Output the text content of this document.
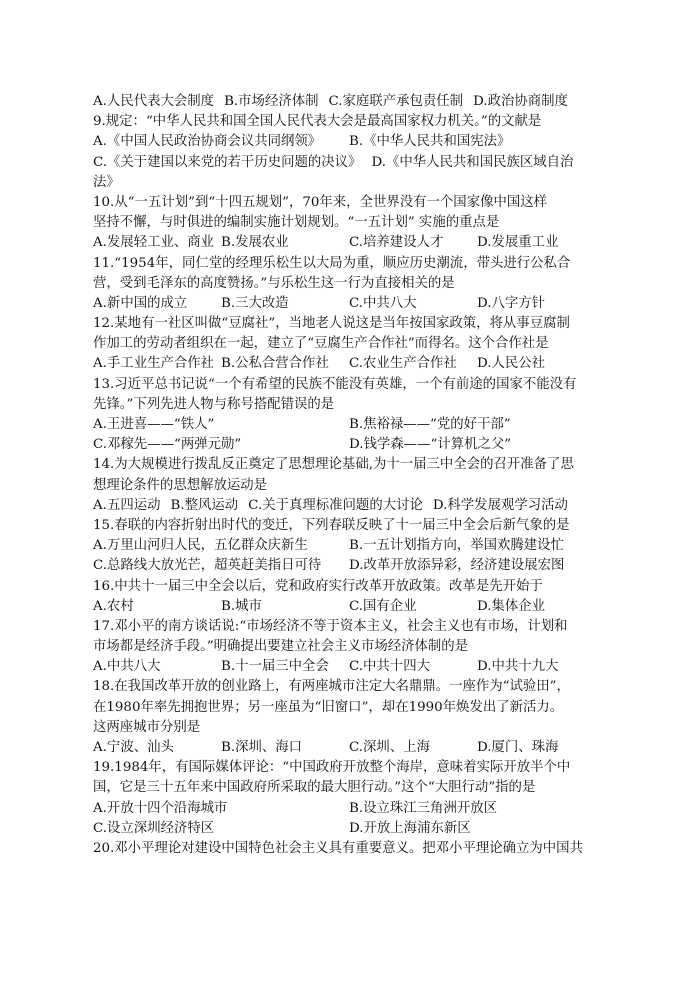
A.人民代表大会制度 B.市场经济体制 C.家庭联产承包责任制 D.政治协商制度
9.规定：“中华人民共和国全国人民代表大会是最高国家权力机关。”的文献是
A.《中国人民政治协商会议共同纲领》	B.《中华人民共和国宪法》
C.《关于建国以来党的若干历史问题的决议》 D.《中华人民共和国民族区域自治
法》
10.从“一五计划”到“十四五规划”，70年来，全世界没有一个国家像中国这样
坚持不懈，与时俱进的编制实施计划规划。“一五计划” 实施的重点是
A.发展轻工业、商业 B.发展农业	C.培养建设人才	D.发展重工业
11.“1954年，同仁堂的经理乐松生以大局为重，顺应历史潮流，带头进行公私合
营，受到毛泽东的高度赞扬。”与乐松生这一行为直接相关的是
A.新中国的成立	B.三大改造	C.中共八大	D.八字方针
12.某地有一社区叫做“豆腐社”，当地老人说这是当年按国家政策，将从事豆腐制
作加工的劳动者组织在一起，建立了“豆腐生产合作社”而得名。这个合作社是
A.手工业生产合作社 B.公私合营合作社	C.农业生产合作社	D.人民公社
13.习近平总书记说“一个有希望的民族不能没有英雄，一个有前途的国家不能没有
先锋。”下列先进人物与称号搭配错误的是
A.王进喜——“铁人”	B.焦裕禄——“党的好干部”
C.邓稼先——“两弹元勋”	D.钱学森——“计算机之父”
14.为大规模进行拨乱反正奠定了思想理论基础,为十一届三中全会的召开准备了思
想理论条件的思想解放运动是
A.五四运动 B.整风运动 C.关于真理标准问题的大讨论 D.科学发展观学习活动
15.春联的内容折射出时代的变迁，下列春联反映了十一届三中全会后新气象的是
A.万里山河归人民，五亿群众庆新生	B.一五计划指方向，举国欢腾建设忙
C.总路线大放光芒，超英赶美指日可待	D.改革开放添异彩，经济建设展宏图
16.中共十一届三中全会以后，党和政府实行改革开放政策。改革是先开始于
A.农村	B.城市	C.国有企业	D.集体企业
17.邓小平的南方谈话说:“市场经济不等于资本主义，社会主义也有市场，计划和
市场都是经济手段。”明确提出要建立社会主义市场经济体制的是
A.中共八大	B.十一届三中全会	C.中共十四大	D.中共十九大
18.在我国改革开放的创业路上，有两座城市注定大名鼎鼎。一座作为“试验田”，
在1980年率先拥抱世界；另一座虽为“旧窗口”，却在1990年焕发出了新活力。
这两座城市分别是
A.宁波、汕头	B.深圳、海口	C.深圳、上海	D.厦门、珠海
19.1984年，有国际媒体评论：“中国政府开放整个海岸，意味着实际开放半个中
国，它是三十五年来中国政府所采取的最大胆行动。”这个“大胆行动”指的是
A.开放十四个沿海城市	B.设立珠江三角洲开放区
C.设立深圳经济特区	D.开放上海浦东新区
20.邓小平理论对建设中国特色社会主义具有重要意义。把邓小平理论确立为中国共
